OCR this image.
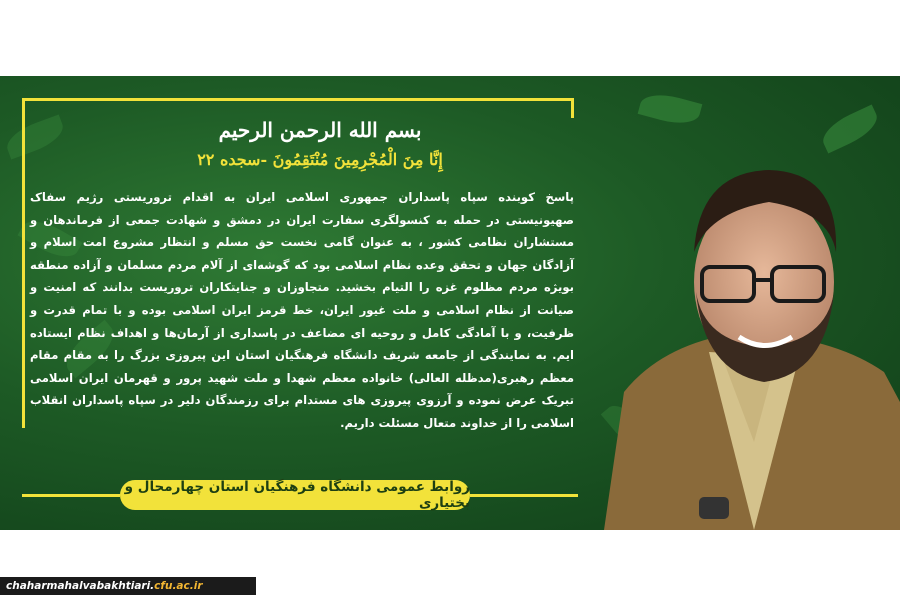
بسم الله الرحمن الرحیم
إِنَّا مِنَ الْمُجْرِمِينَ مُنْتَقِمُونَ -سجده ۲۲
پاسخ کوبنده سپاه پاسداران جمهوری اسلامی ایران به اقدام تروریستی رژیم سفاک صهیونیستی در حمله به کنسولگری سفارت ایران در دمشق و شهادت جمعی از فرماندهان و مستشاران نظامی کشور ، به عنوان گامی نخست حق مسلم و انتظار مشروع امت اسلام و آزادگان جهان و تحقق وعده نظام اسلامی بود که گوشه‌ای از آلام مردم مسلمان و آزاده منطقه بویژه مردم مظلوم غزه را التیام بخشید. متجاوزان و جنایتکاران تروریست بدانند که امنیت و صیانت از نظام اسلامی و ملت غیور ایران، خط قرمز ایران اسلامی بوده و با تمام قدرت و ظرفیت، و با آمادگی کامل و روحیه ای مضاعف در پاسداری از آرمان‌ها و اهداف نظام ایستاده ایم. به نمایندگی از جامعه شریف دانشگاه فرهنگیان استان این پیروزی بزرگ را به مقام مقام معظم رهبری(مدظله العالی) خانواده معظم شهدا و ملت شهید پرور و قهرمان ایران اسلامی تبریک عرض نموده و آرزوی پیروزی های مستدام برای رزمندگان دلیر در سپاه پاسداران انقلاب اسلامی را از خداوند متعال مسئلت داریم.
روابط عمومی دانشگاه فرهنگیان استان چهارمحال و بختیاری
chaharmahalvabakhtiari. cfu.ac.ir
